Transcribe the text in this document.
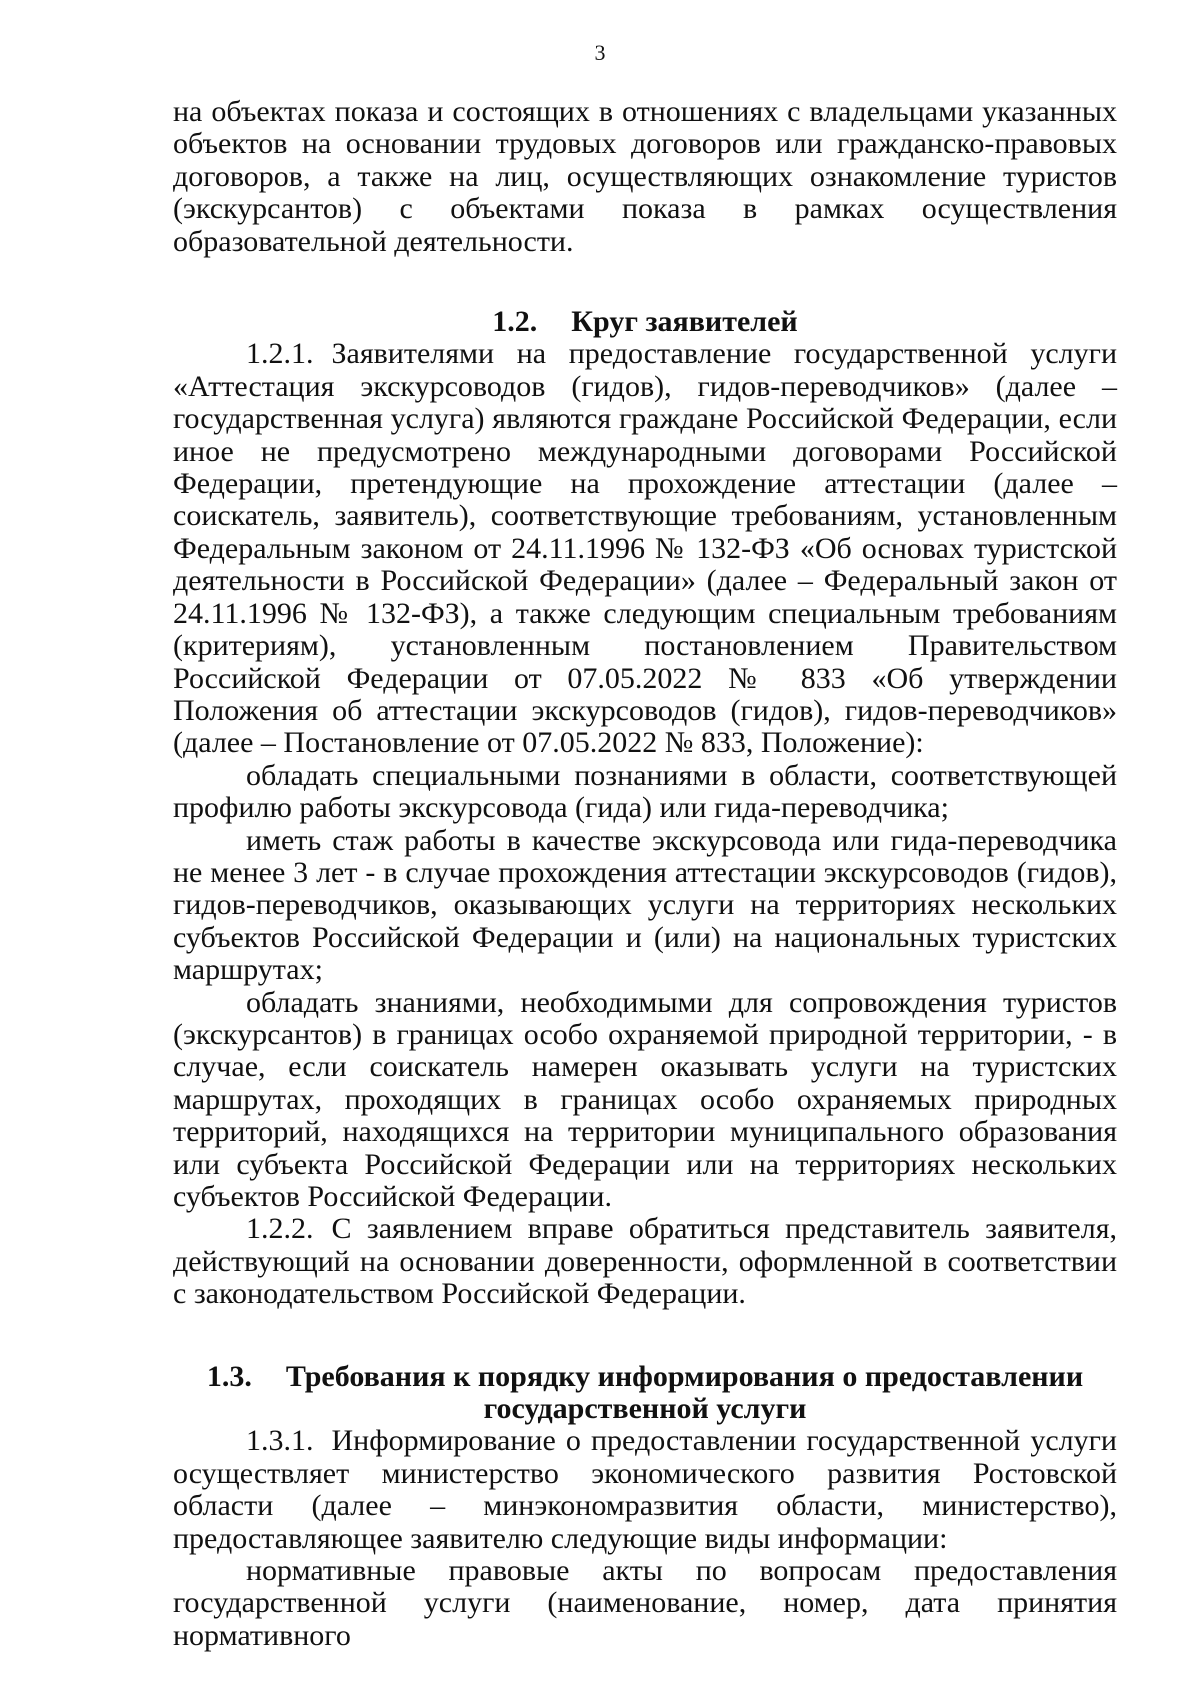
3

на объектах показа и состоящих в отношениях с владельцами указанных объектов на основании трудовых договоров или гражданско-правовых договоров, а также на лиц, осуществляющих ознакомление туристов (экскурсантов) с объектами показа в рамках осуществления образовательной деятельности.

1.2. Круг заявителей

1.2.1. Заявителями на предоставление государственной услуги «Аттестация экскурсоводов (гидов), гидов-переводчиков» (далее – государственная услуга) являются граждане Российской Федерации, если иное не предусмотрено международными договорами Российской Федерации, претендующие на прохождение аттестации (далее – соискатель, заявитель), соответствующие требованиям, установленным Федеральным законом от 24.11.1996 № 132-ФЗ «Об основах туристской деятельности в Российской Федерации» (далее – Федеральный закон от 24.11.1996 № 132-ФЗ), а также следующим специальным требованиям (критериям), установленным постановлением Правительством Российской Федерации от 07.05.2022 № 833 «Об утверждении Положения об аттестации экскурсоводов (гидов), гидов-переводчиков» (далее – Постановление от 07.05.2022 № 833, Положение):

обладать специальными познаниями в области, соответствующей профилю работы экскурсовода (гида) или гида-переводчика;

иметь стаж работы в качестве экскурсовода или гида-переводчика не менее 3 лет - в случае прохождения аттестации экскурсоводов (гидов), гидов-переводчиков, оказывающих услуги на территориях нескольких субъектов Российской Федерации и (или) на национальных туристских маршрутах;

обладать знаниями, необходимыми для сопровождения туристов (экскурсантов) в границах особо охраняемой природной территории, - в случае, если соискатель намерен оказывать услуги на туристских маршрутах, проходящих в границах особо охраняемых природных территорий, находящихся на территории муниципального образования или субъекта Российской Федерации или на территориях нескольких субъектов Российской Федерации.

1.2.2. С заявлением вправе обратиться представитель заявителя, действующий на основании доверенности, оформленной в соответствии с законодательством Российской Федерации.

1.3. Требования к порядку информирования о предоставлении
государственной услуги

1.3.1. Информирование о предоставлении государственной услуги осуществляет министерство экономического развития Ростовской области (далее – минэкономразвития области, министерство), предоставляющее заявителю следующие виды информации:

нормативные правовые акты по вопросам предоставления государственной услуги (наименование, номер, дата принятия нормативного
